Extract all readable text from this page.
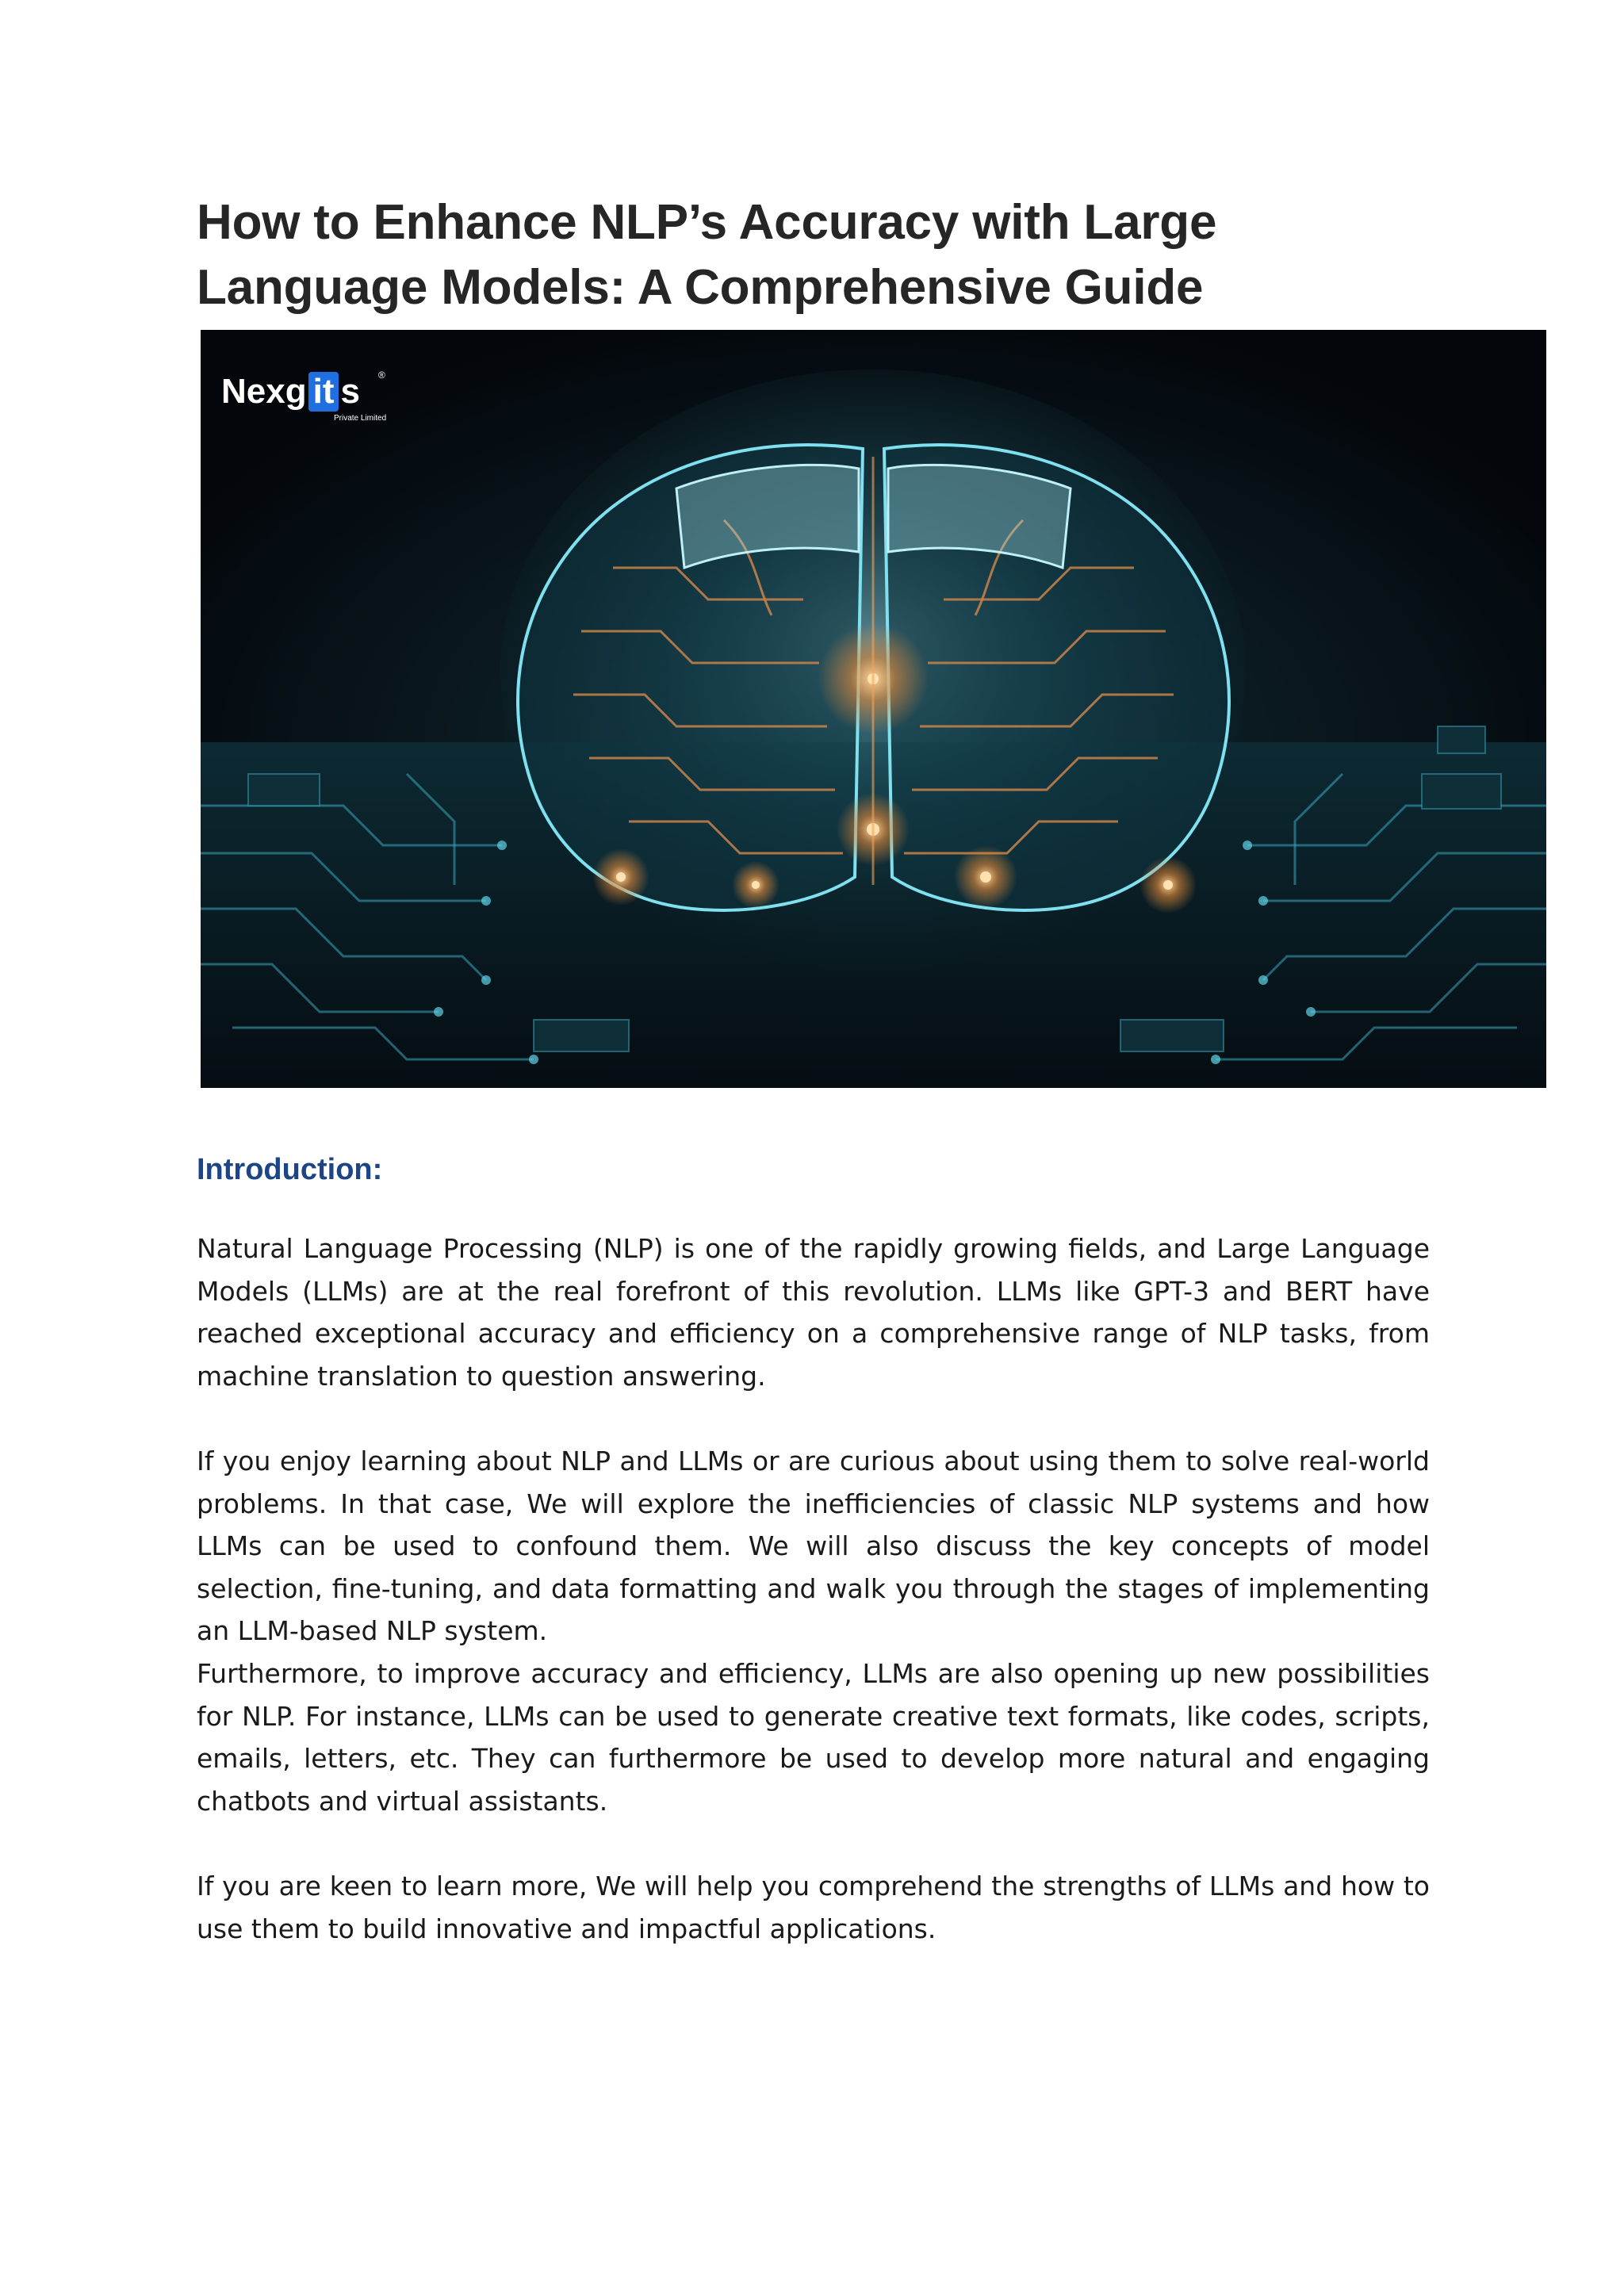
How to Enhance NLP’s Accuracy with Large
Language Models: A Comprehensive Guide
Nexg it s ®
Private Limited
Introduction:

Natural Language Processing (NLP) is one of the rapidly growing fields, and Large Language Models (LLMs) are at the real forefront of this revolution. LLMs like GPT-3 and BERT have reached exceptional accuracy and efficiency on a comprehensive range of NLP tasks, from machine translation to question answering.

If you enjoy learning about NLP and LLMs or are curious about using them to solve real-world problems. In that case, We will explore the inefficiencies of classic NLP systems and how LLMs can be used to confound them. We will also discuss the key concepts of model selection, fine-tuning, and data formatting and walk you through the stages of implementing an LLM-based NLP system.

Furthermore, to improve accuracy and efficiency, LLMs are also opening up new possibilities for NLP. For instance, LLMs can be used to generate creative text formats, like codes, scripts, emails, letters, etc. They can furthermore be used to develop more natural and engaging chatbots and virtual assistants.

If you are keen to learn more, We will help you comprehend the strengths of LLMs and how to use them to build innovative and impactful applications.
